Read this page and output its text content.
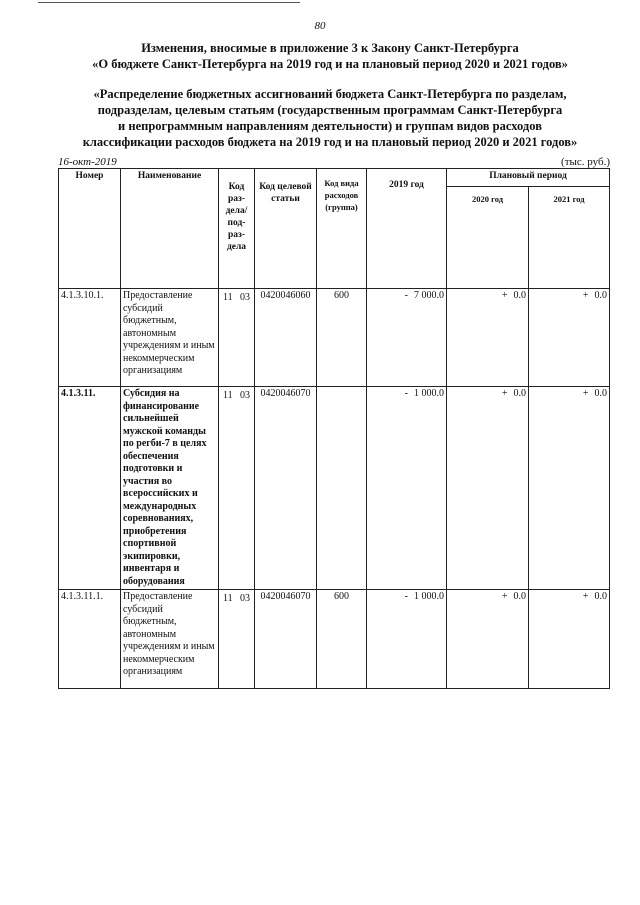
80
Изменения, вносимые в приложение 3 к Закону Санкт-Петербурга
«О бюджете Санкт-Петербурга на 2019 год и на плановый период 2020 и 2021 годов»
«Распределение бюджетных ассигнований бюджета Санкт-Петербурга по разделам,
подразделам, целевым статьям (государственным программам Санкт-Петербурга
и непрограммным направлениям деятельности) и группам видов расходов
классификации расходов бюджета на 2019 год и на плановый период 2020 и 2021 годов»
16-окт-2019	(тыс. руб.)
Номер	Наименование	Код раз-дела/ под-раз-дела	Код целевой статьи	Код вида расходов (группа)	2019 год	Плановый период	
						2020 год	2021 год
4.1.3.10.1.	Предоставление субсидий бюджетным, автономным учреждениям и иным некоммерческим организациям	11 03	0420046060	600	- 7 000.0	+ 0.0	+ 0.0
4.1.3.11.	Субсидия на финансирование сильнейшей мужской команды по регби-7 в целях обеспечения подготовки и участия во всероссийских и международных соревнованиях, приобретения спортивной экипировки, инвентаря и оборудования	11 03	0420046070		- 1 000.0	+ 0.0	+ 0.0
4.1.3.11.1.	Предоставление субсидий бюджетным, автономным учреждениям и иным некоммерческим организациям	11 03	0420046070	600	- 1 000.0	+ 0.0	+ 0.0
